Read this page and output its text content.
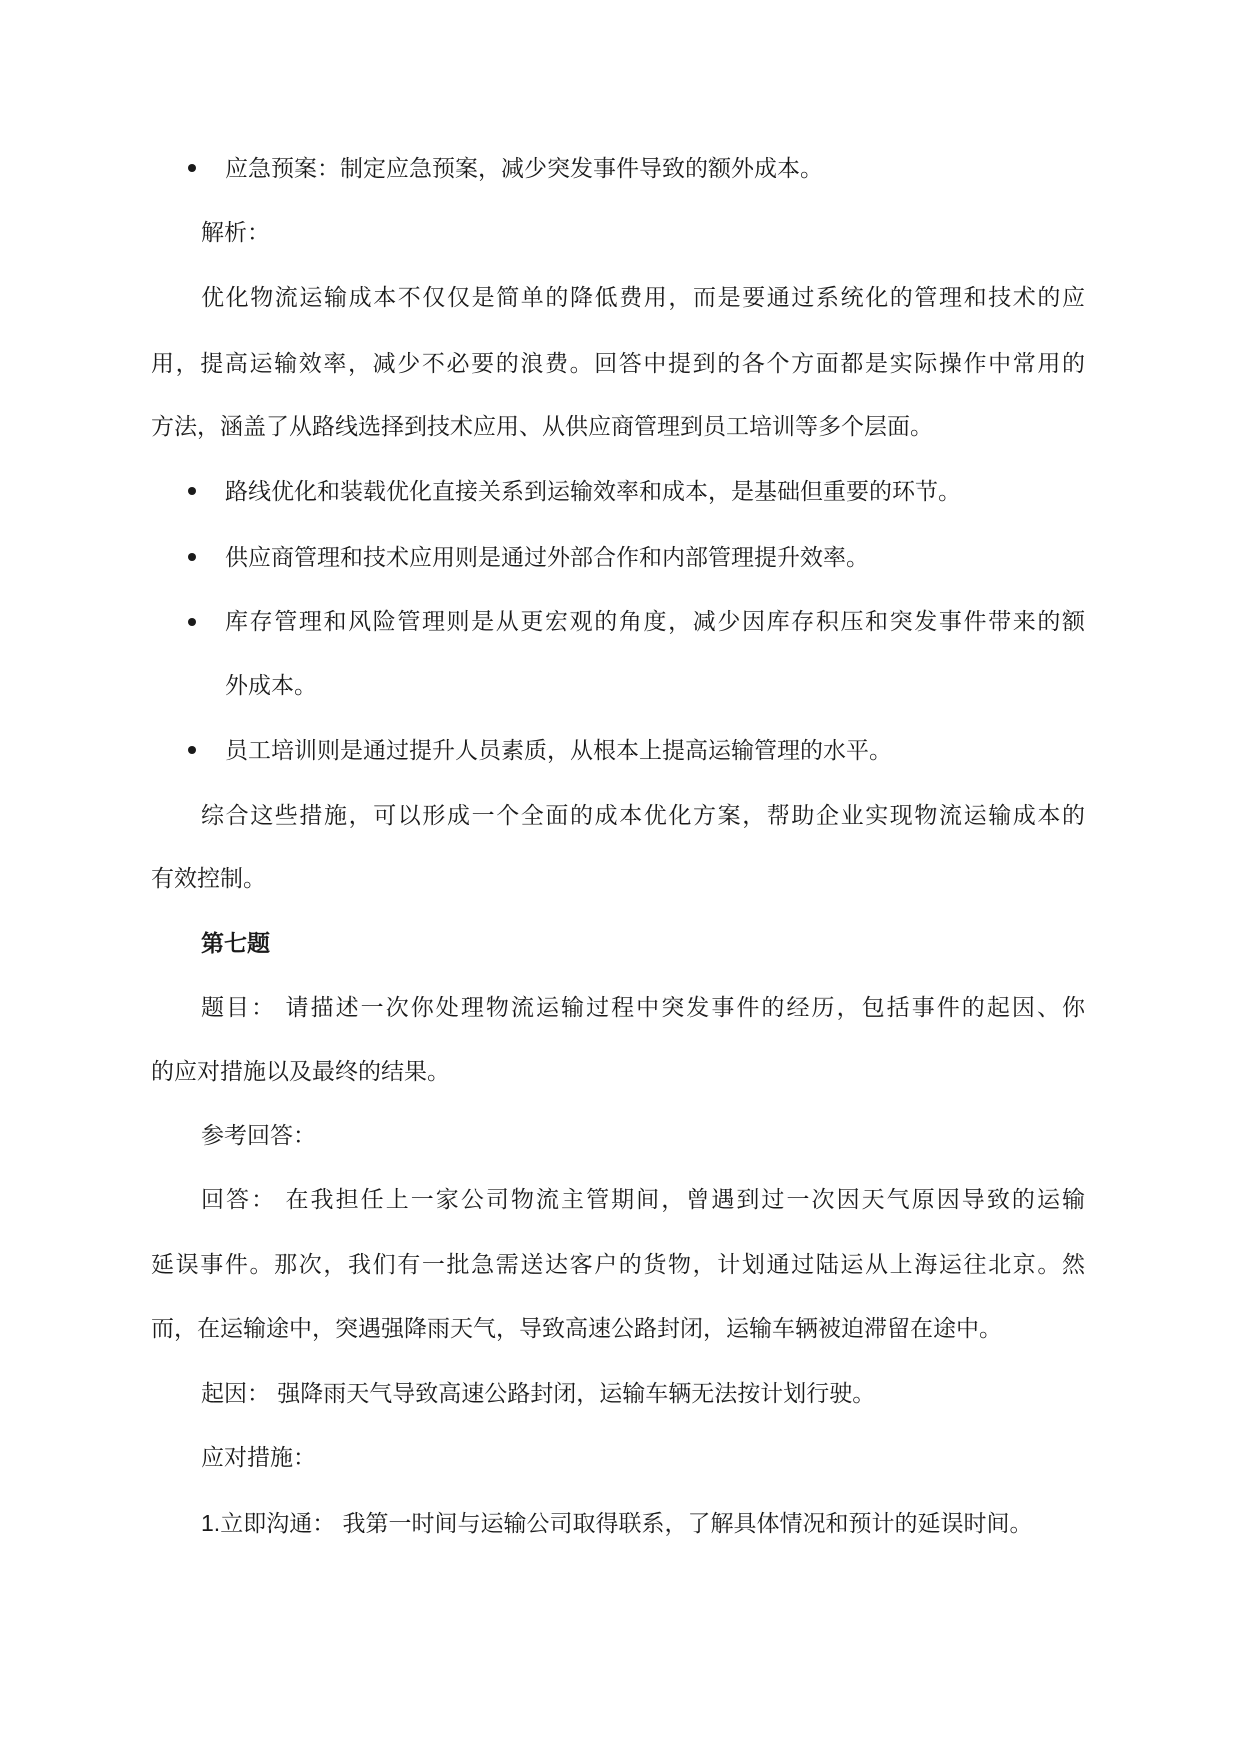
应急预案：制定应急预案，减少突发事件导致的额外成本。
解析：
优化物流运输成本不仅仅是简单的降低费用，而是要通过系统化的管理和技术的应
用，提高运输效率，减少不必要的浪费。回答中提到的各个方面都是实际操作中常用的
方法，涵盖了从路线选择到技术应用、从供应商管理到员工培训等多个层面。
路线优化和装载优化直接关系到运输效率和成本，是基础但重要的环节。
供应商管理和技术应用则是通过外部合作和内部管理提升效率。
库存管理和风险管理则是从更宏观的角度，减少因库存积压和突发事件带来的额
外成本。
员工培训则是通过提升人员素质，从根本上提高运输管理的水平。
综合这些措施，可以形成一个全面的成本优化方案，帮助企业实现物流运输成本的
有效控制。
第七题
题目： 请描述一次你处理物流运输过程中突发事件的经历，包括事件的起因、你
的应对措施以及最终的结果。
参考回答：
回答： 在我担任上一家公司物流主管期间，曾遇到过一次因天气原因导致的运输
延误事件。那次，我们有一批急需送达客户的货物，计划通过陆运从上海运往北京。然
而，在运输途中，突遇强降雨天气，导致高速公路封闭，运输车辆被迫滞留在途中。
起因： 强降雨天气导致高速公路封闭，运输车辆无法按计划行驶。
应对措施：
1.立即沟通： 我第一时间与运输公司取得联系，了解具体情况和预计的延误时间。
